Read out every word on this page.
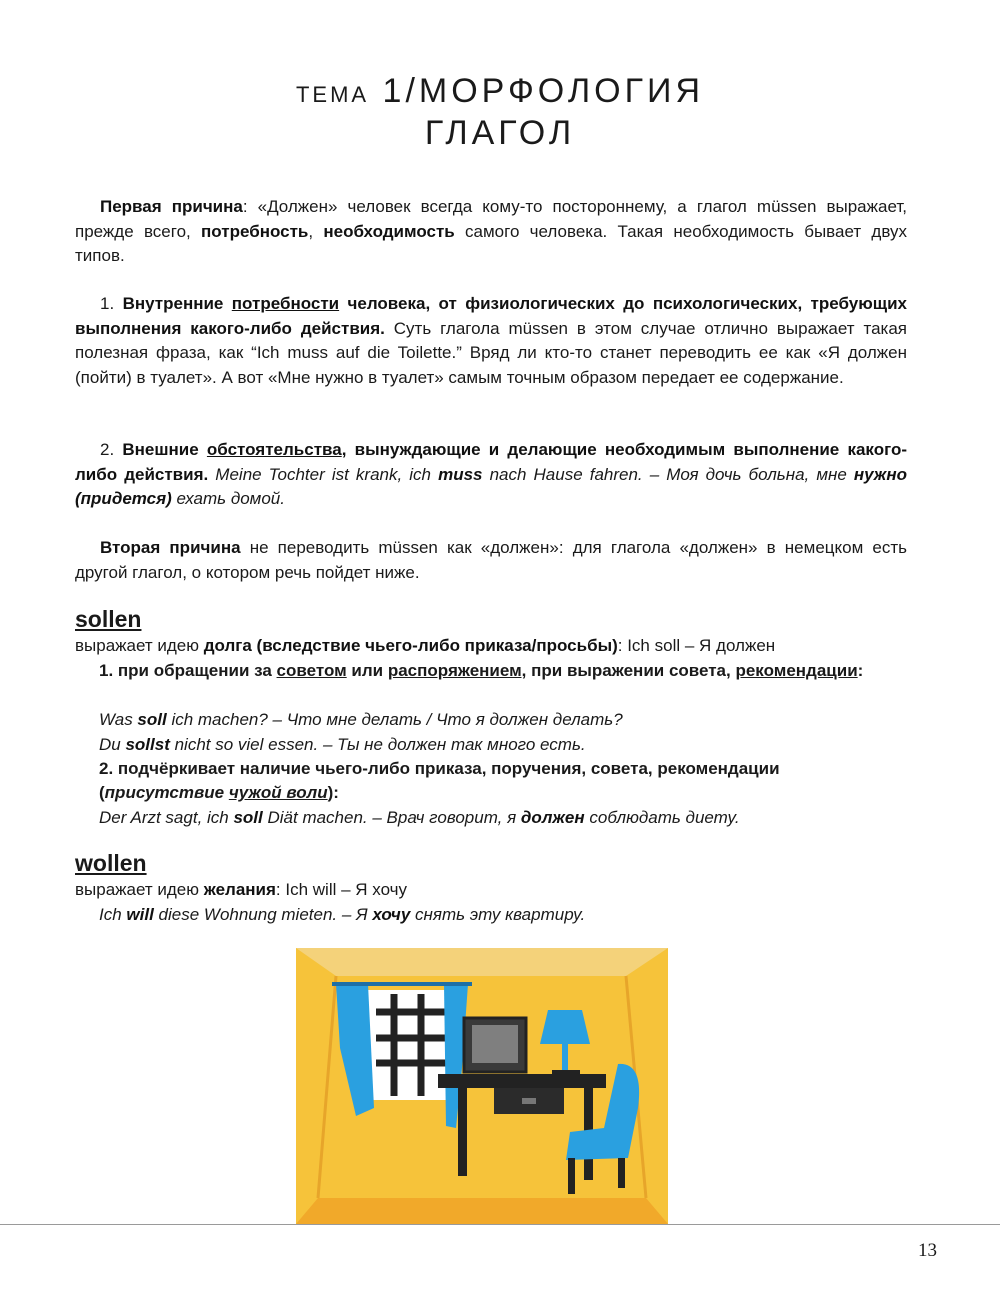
ТЕМА 1/МОРФОЛОГИЯ
ГЛАГОЛ
Первая причина: «Должен» человек всегда кому-то постороннему, а глагол müssen выражает, прежде всего, потребность, необходимость самого человека. Такая необходимость бывает двух типов.
1. Внутренние потребности человека, от физиологических до психологических, требующих выполнения какого-либо действия. Суть глагола müssen в этом случае отлично выражает такая полезная фраза, как “Ich muss auf die Toilette.” Вряд ли кто-то станет переводить ее как «Я должен (пойти) в туалет». А вот «Мне нужно в туалет» самым точным образом передает ее содержание.
2. Внешние обстоятельства, вынуждающие и делающие необходимым выполнение какого-либо действия. Meine Tochter ist krank, ich muss nach Hause fahren. – Моя дочь больна, мне нужно (придется) ехать домой.
Вторая причина не переводить müssen как «должен»: для глагола «должен» в немецком есть другой глагол, о котором речь пойдет ниже.
sollen
выражает идею долга (вследствие чьего-либо приказа/просьбы): Ich soll – Я должен
1. при обращении за советом или распоряжением, при выражении совета, рекомендации:
Was soll ich machen? – Что мне делать / Что я должен делать?
Du sollst nicht so viel essen. – Ты не должен так много есть.
2. подчёркивает наличие чьего-либо приказа, поручения, совета, рекомендации
(присутствие чужой воли):
Der Arzt sagt, ich soll Diät machen. – Врач говорит, я должен соблюдать диету.
wollen
выражает идею желания: Ich will – Я хочу
Ich will diese Wohnung mieten. – Я хочу снять эту квартиру.
13
